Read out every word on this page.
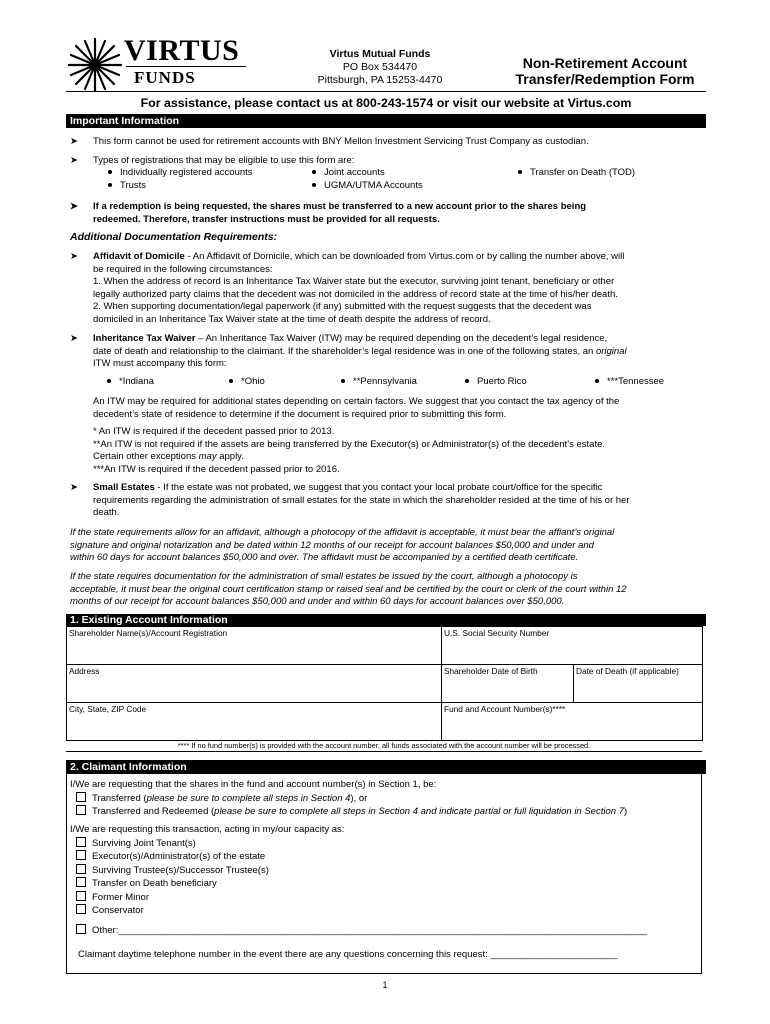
VIRTUS
FUNDS
Virtus Mutual Funds
PO Box 534470
Pittsburgh, PA 15253-4470
Non-Retirement Account
Transfer/Redemption Form
For assistance, please contact us at 800-243-1574 or visit our website at Virtus.com
Important Information
➤ This form cannot be used for retirement accounts with BNY Mellon Investment Servicing Trust Company as custodian.
➤ Types of registrations that may be eligible to use this form are:
Individually registered accounts
Trusts
Joint accounts
UGMA/UTMA Accounts
Transfer on Death (TOD)
➤ If a redemption is being requested, the shares must be transferred to a new account prior to the shares being
redeemed. Therefore, transfer instructions must be provided for all requests.
Additional Documentation Requirements:
➤ Affidavit of Domicile - An Affidavit of Domicile, which can be downloaded from Virtus.com or by calling the number above, will
be required in the following circumstances:
1. When the address of record is an Inheritance Tax Waiver state but the executor, surviving joint tenant, beneficiary or other
legally authorized party claims that the decedent was not domiciled in the address of record state at the time of his/her death.
2. When supporting documentation/legal paperwork (if any) submitted with the request suggests that the decedent was
domiciled in an Inheritance Tax Waiver state at the time of death despite the address of record.
➤ Inheritance Tax Waiver – An Inheritance Tax Waiver (ITW) may be required depending on the decedent’s legal residence,
date of death and relationship to the claimant. If the shareholder’s legal residence was in one of the following states, an original
ITW must accompany this form:
*Indiana	*Ohio	**Pennsylvania	Puerto Rico	***Tennessee
An ITW may be required for additional states depending on certain factors. We suggest that you contact the tax agency of the
decedent’s state of residence to determine if the document is required prior to submitting this form.
* An ITW is required if the decedent passed prior to 2013.
**An ITW is not required if the assets are being transferred by the Executor(s) or Administrator(s) of the decedent’s estate.
Certain other exceptions may apply.
***An ITW is required if the decedent passed prior to 2016.
➤ Small Estates - If the estate was not probated, we suggest that you contact your local probate court/office for the specific
requirements regarding the administration of small estates for the state in which the shareholder resided at the time of his or her
death.
If the state requirements allow for an affidavit, although a photocopy of the affidavit is acceptable, it must bear the affiant’s original
signature and original notarization and be dated within 12 months of our receipt for account balances $50,000 and under and
within 60 days for account balances $50,000 and over. The affidavit must be accompanied by a certified death certificate.
If the state requires documentation for the administration of small estates be issued by the court, although a photocopy is
acceptable, it must bear the original court certification stamp or raised seal and be certified by the court or clerk of the court within 12
months of our receipt for account balances $50,000 and under and within 60 days for account balances over $50,000.
1. Existing Account Information
Shareholder Name(s)/Account Registration	U.S. Social Security Number
Address	Shareholder Date of Birth	Date of Death (if applicable)
City, State, ZIP Code	Fund and Account Number(s)****
**** If no fund number(s) is provided with the account number, all funds associated with the account number will be processed.
2. Claimant Information
I/We are requesting that the shares in the fund and account number(s) in Section 1, be:
Transferred (please be sure to complete all steps in Section 4), or
Transferred and Redeemed (please be sure to complete all steps in Section 4 and indicate partial or full liquidation in Section 7)
I/We are requesting this transaction, acting in my/our capacity as:
Surviving Joint Tenant(s)
Executor(s)/Administrator(s) of the estate
Surviving Trustee(s)/Successor Trustee(s)
Transfer on Death beneficiary
Former Minor
Conservator
Other:____________________________________________________________________________________________________
Claimant daytime telephone number in the event there are any questions concerning this request: ________________________
1
